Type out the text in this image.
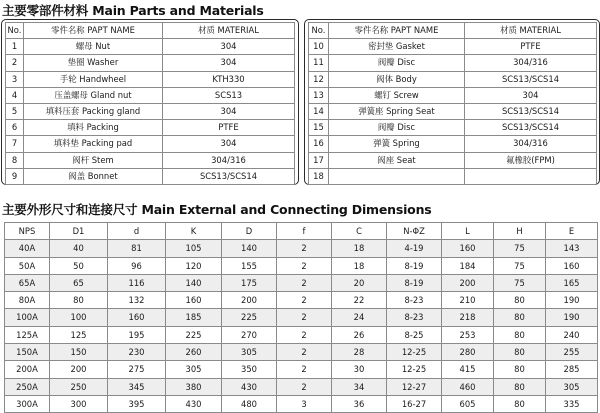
主要零部件材料 Main Parts and Materials
No.	零件名称 PAPT NAME	材质 MATERIAL
1	螺母 Nut	304
2	垫圈 Washer	304
3	手轮 Handwheel	KTH330
4	压盖螺母 Gland nut	SCS13
5	填料压套 Packing gland	304
6	填料 Packing	PTFE
7	填料垫 Packing pad	304
8	阀杆 Stem	304/316
9	阀盖 Bonnet	SCS13/SCS14
No.	零件名称 PAPT NAME	材质 MATERIAL
10	密封垫 Gasket	PTFE
11	阀瓣 Disc	304/316
12	阀体 Body	SCS13/SCS14
13	螺钉 Screw	304
14	弹簧座 Spring Seat	SCS13/SCS14
15	阀瓣 Disc	SCS13/SCS14
16	弹簧 Spring	304/316
17	阀座 Seat	氟橡胶(FPM)
18		
主要外形尺寸和连接尺寸 Main External and Connecting Dimensions
NPS	D1	d	K	D	f	C	N-ΦZ	L	H	E
40A	40	81	105	140	2	18	4-19	160	75	143
50A	50	96	120	155	2	18	8-19	184	75	160
65A	65	116	140	175	2	20	8-19	200	75	165
80A	80	132	160	200	2	22	8-23	210	80	190
100A	100	160	185	225	2	24	8-23	218	80	190
125A	125	195	225	270	2	26	8-25	253	80	240
150A	150	230	260	305	2	28	12-25	280	80	255
200A	200	275	305	350	2	30	12-25	415	80	285
250A	250	345	380	430	2	34	12-27	460	80	305
300A	300	395	430	480	3	36	16-27	605	80	335
